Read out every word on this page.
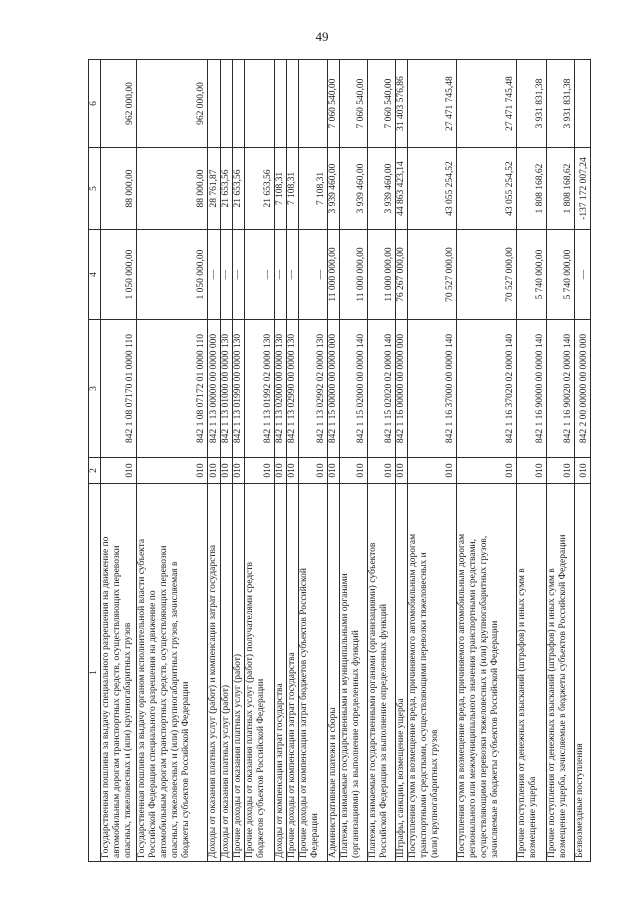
49
1	2	3	4	5	6
Государственная пошлина за выдачу специального разрешения на движение по
автомобильным дорогам транспортных средств, осуществляющих перевозки
опасных, тяжеловесных и (или) крупногабаритных грузов	010	842 1 08 07170 01 0000 110	1 050 000,00	88 000,00	962 000,00
Государственная пошлина за выдачу органом исполнительной власти субъекта
Российской Федерации специального разрешения на движение по
автомобильным дорогам транспортных средств, осуществляющих перевозки
опасных, тяжеловесных и (или) крупногабаритных грузов, зачисляемая в
бюджеты субъектов Российской Федерации	010	842 1 08 07172 01 0000 110	1 050 000,00	88 000,00	962 000,00
Доходы от оказания платных услуг (работ) и компенсации затрат государства	010	842 1 13 00000 00 0000 000	—	28 761,87	
Доходы от оказания платных услуг (работ)	010	842 1 13 01000 00 0000 130	—	21 653,56	
Прочие доходы от оказания платных услуг (работ)	010	842 1 13 01990 00 0000 130	—	21 653,56	
Прочие доходы от оказания платных услуг (работ) получателями средств
бюджетов субъектов Российской Федерации	010	842 1 13 01992 02 0000 130	—	21 653,56	
Доходы от компенсации затрат государства	010	842 1 13 02000 00 0000 130	—	7 108,31	
Прочие доходы от компенсации затрат государства	010	842 1 13 02990 00 0000 130	—	7 108,31	
Прочие доходы от компенсации затрат бюджетов субъектов Российской
Федерации	010	842 1 13 02992 02 0000 130	—	7 108,31	
Административные платежи и сборы	010	842 1 15 00000 00 0000 000	11 000 000,00	3 939 460,00	7 060 540,00
Платежи, взимаемые государственными и муниципальными органами
(организациями) за выполнение определенных функций	010	842 1 15 02000 00 0000 140	11 000 000,00	3 939 460,00	7 060 540,00
Платежи, взимаемые государственными органами (организациями) субъектов
Российской Федерации за выполнение определенных функций	010	842 1 15 02020 02 0000 140	11 000 000,00	3 939 460,00	7 060 540,00
Штрафы, санкции, возмещение ущерба	010	842 1 16 00000 00 0000 000	76 267 000,00	44 863 423,14	31 403 576,86
Поступления сумм в возмещение вреда, причиняемого автомобильным дорогам
транспортными средствами, осуществляющими перевозки тяжеловесных и
(или) крупногабаритных грузов	010	842 1 16 37000 00 0000 140	70 527 000,00	43 055 254,52	27 471 745,48
Поступления сумм в возмещение вреда, причиняемого автомобильным дорогам
регионального или межмуниципального значения транспортными средствами,
осуществляющими перевозки тяжеловесных и (или) крупногабаритных грузов,
зачисляемые в бюджеты субъектов Российской Федерации	010	842 1 16 37020 02 0000 140	70 527 000,00	43 055 254,52	27 471 745,48
Прочие поступления от денежных взысканий (штрафов) и иных сумм в
возмещение ущерба	010	842 1 16 90000 00 0000 140	5 740 000,00	1 808 168,62	3 931 831,38
Прочие поступления от денежных взысканий (штрафов) и иных сумм в
возмещение ущерба, зачисляемые в бюджеты субъектов Российской Федерации	010	842 1 16 90020 02 0000 140	5 740 000,00	1 808 168,62	3 931 831,38
Безвозмездные поступления	010	842 2 00 00000 00 0000 000	—	-137 172 007,24	
